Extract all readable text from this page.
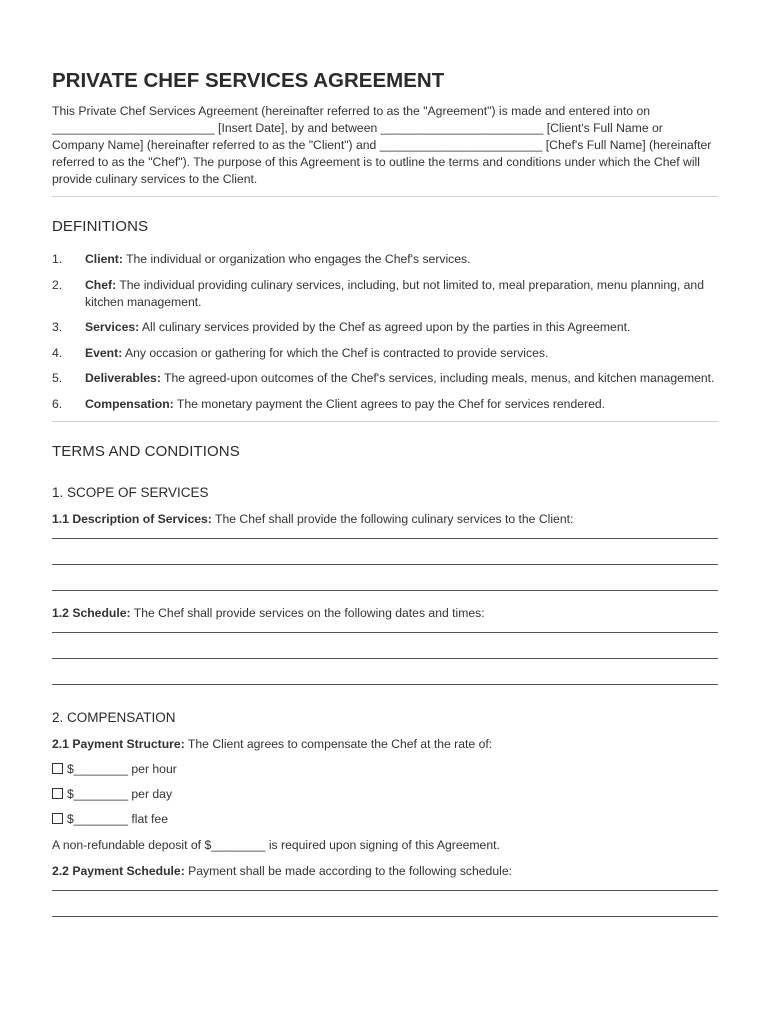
PRIVATE CHEF SERVICES AGREEMENT

This Private Chef Services Agreement (hereinafter referred to as the "Agreement") is made and entered into on ________________________ [Insert Date], by and between ________________________ [Client's Full Name or Company Name] (hereinafter referred to as the "Client") and ________________________ [Chef's Full Name] (hereinafter referred to as the "Chef"). The purpose of this Agreement is to outline the terms and conditions under which the Chef will provide culinary services to the Client.

DEFINITIONS
1.	Client: The individual or organization who engages the Chef's services.
2.	Chef: The individual providing culinary services, including, but not limited to, meal preparation, menu planning, and kitchen management.
3.	Services: All culinary services provided by the Chef as agreed upon by the parties in this Agreement.
4.	Event: Any occasion or gathering for which the Chef is contracted to provide services.
5.	Deliverables: The agreed-upon outcomes of the Chef's services, including meals, menus, and kitchen management.
6.	Compensation: The monetary payment the Client agrees to pay the Chef for services rendered.
TERMS AND CONDITIONS
1. SCOPE OF SERVICES

1.1 Description of Services: The Chef shall provide the following culinary services to the Client:

1.2 Schedule: The Chef shall provide services on the following dates and times:

2. COMPENSATION

2.1 Payment Structure: The Client agrees to compensate the Chef at the rate of:

$________ per hour
$________ per day
$________ flat fee

A non-refundable deposit of $________ is required upon signing of this Agreement.

2.2 Payment Schedule: Payment shall be made according to the following schedule:
